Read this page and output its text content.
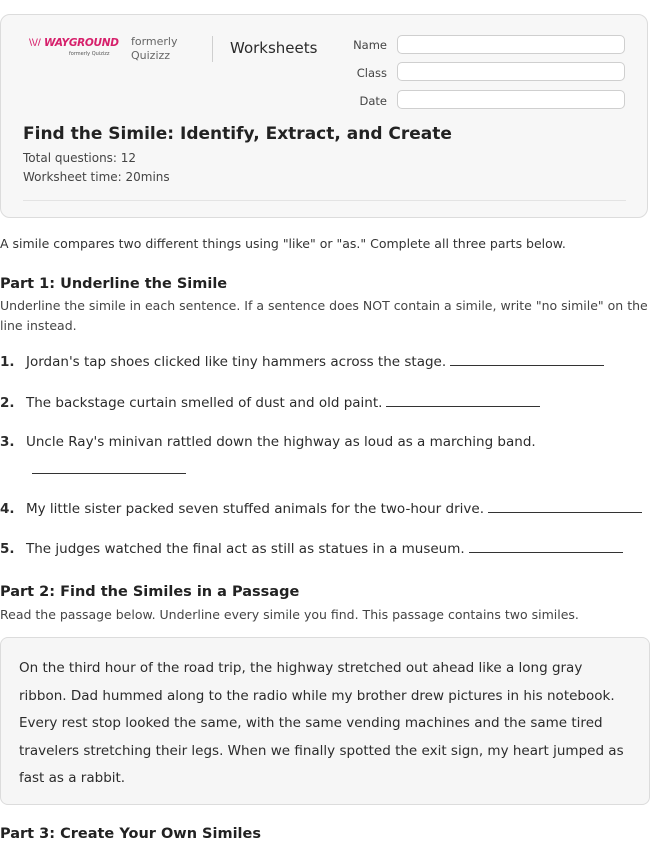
\\// WAYGROUND
formerly Quizizz
formerly Quizizz	Worksheets	Name
Class
Date
Find the Simile: Identify, Extract, and Create
Total questions: 12
Worksheet time: 20mins
A simile compares two different things using "like" or "as." Complete all three parts below.
Part 1: Underline the Simile
Underline the simile in each sentence. If a sentence does NOT contain a simile, write "no simile" on the line instead.
1. Jordan's tap shoes clicked like tiny hammers across the stage.
2. The backstage curtain smelled of dust and old paint.
3. Uncle Ray's minivan rattled down the highway as loud as a marching band.
4. My little sister packed seven stuffed animals for the two-hour drive.
5. The judges watched the final act as still as statues in a museum.
Part 2: Find the Similes in a Passage
Read the passage below. Underline every simile you find. This passage contains two similes.
On the third hour of the road trip, the highway stretched out ahead like a long gray ribbon. Dad hummed along to the radio while my brother drew pictures in his notebook. Every rest stop looked the same, with the same vending machines and the same tired travelers stretching their legs. When we finally spotted the exit sign, my heart jumped as fast as a rabbit.
Part 3: Create Your Own Similes
